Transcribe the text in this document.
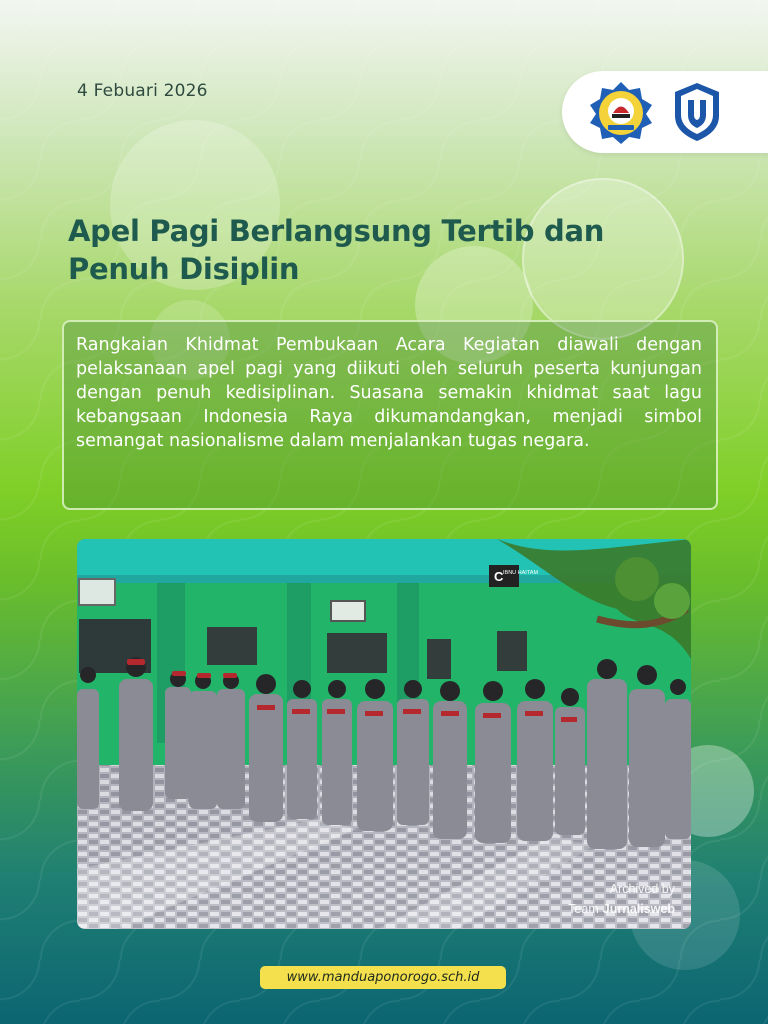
4 Febuari 2026
Apel Pagi Berlangsung Tertib dan Penuh Disiplin
Rangkaian Khidmat Pembukaan Acara Kegiatan diawali dengan pelaksanaan apel pagi yang diikuti oleh seluruh peserta kunjungan dengan penuh kedisiplinan. Suasana semakin khidmat saat lagu kebangsaan Indonesia Raya dikumandangkan, menjadi simbol semangat nasionalisme dalam menjalankan tugas negara.
C IBNU HAITAM
Archived by
Team Jurnalisweb
www.manduaponorogo.sch.id
